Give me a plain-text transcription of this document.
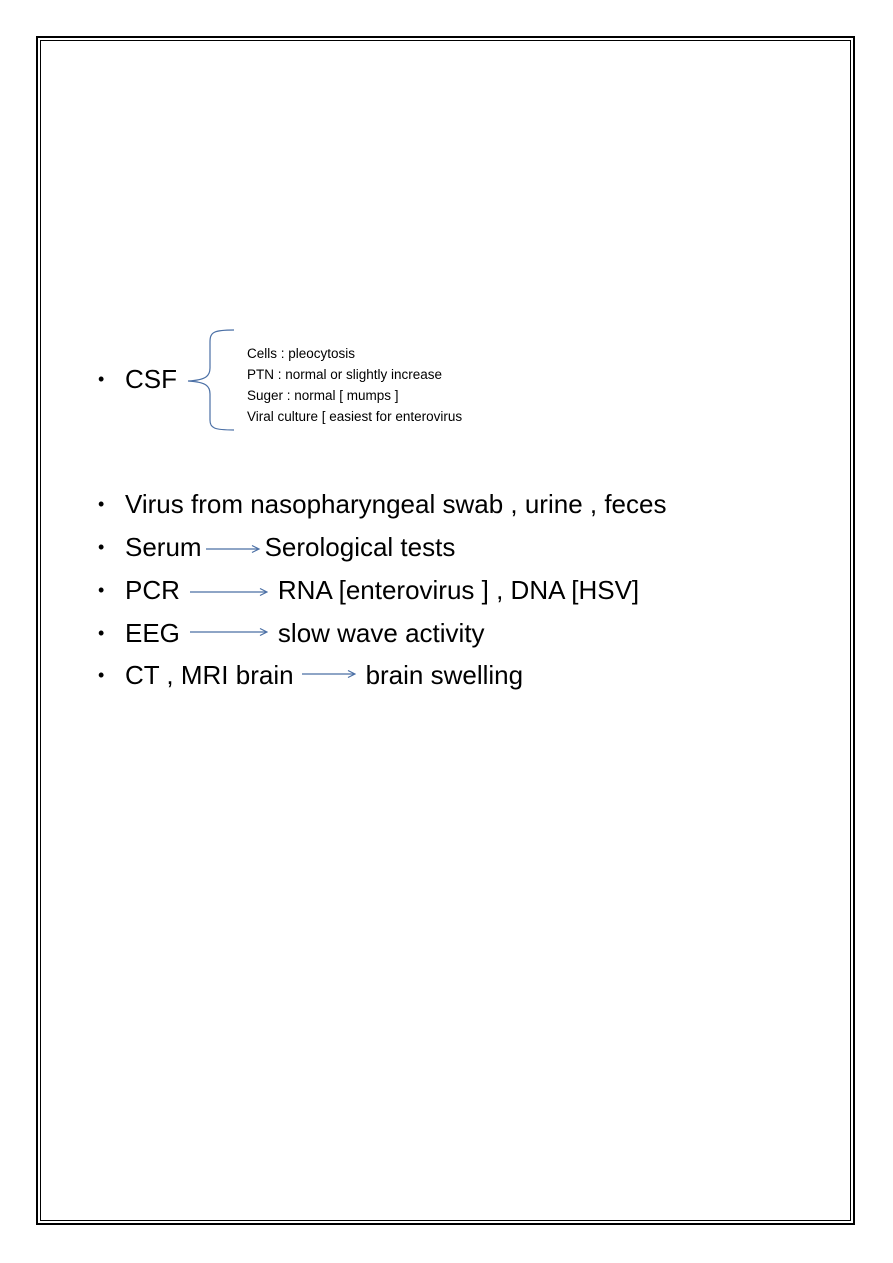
• CSF
Cells : pleocytosis
PTN : normal or slightly increase
Suger : normal [ mumps ]
Viral culture [ easiest for enterovirus
• Virus from nasopharyngeal swab , urine , feces
• Serum Serological tests
• PCR	RNA [enterovirus ] , DNA [HSV]
• EEG	slow wave activity
• CT , MRI brain	brain swelling
